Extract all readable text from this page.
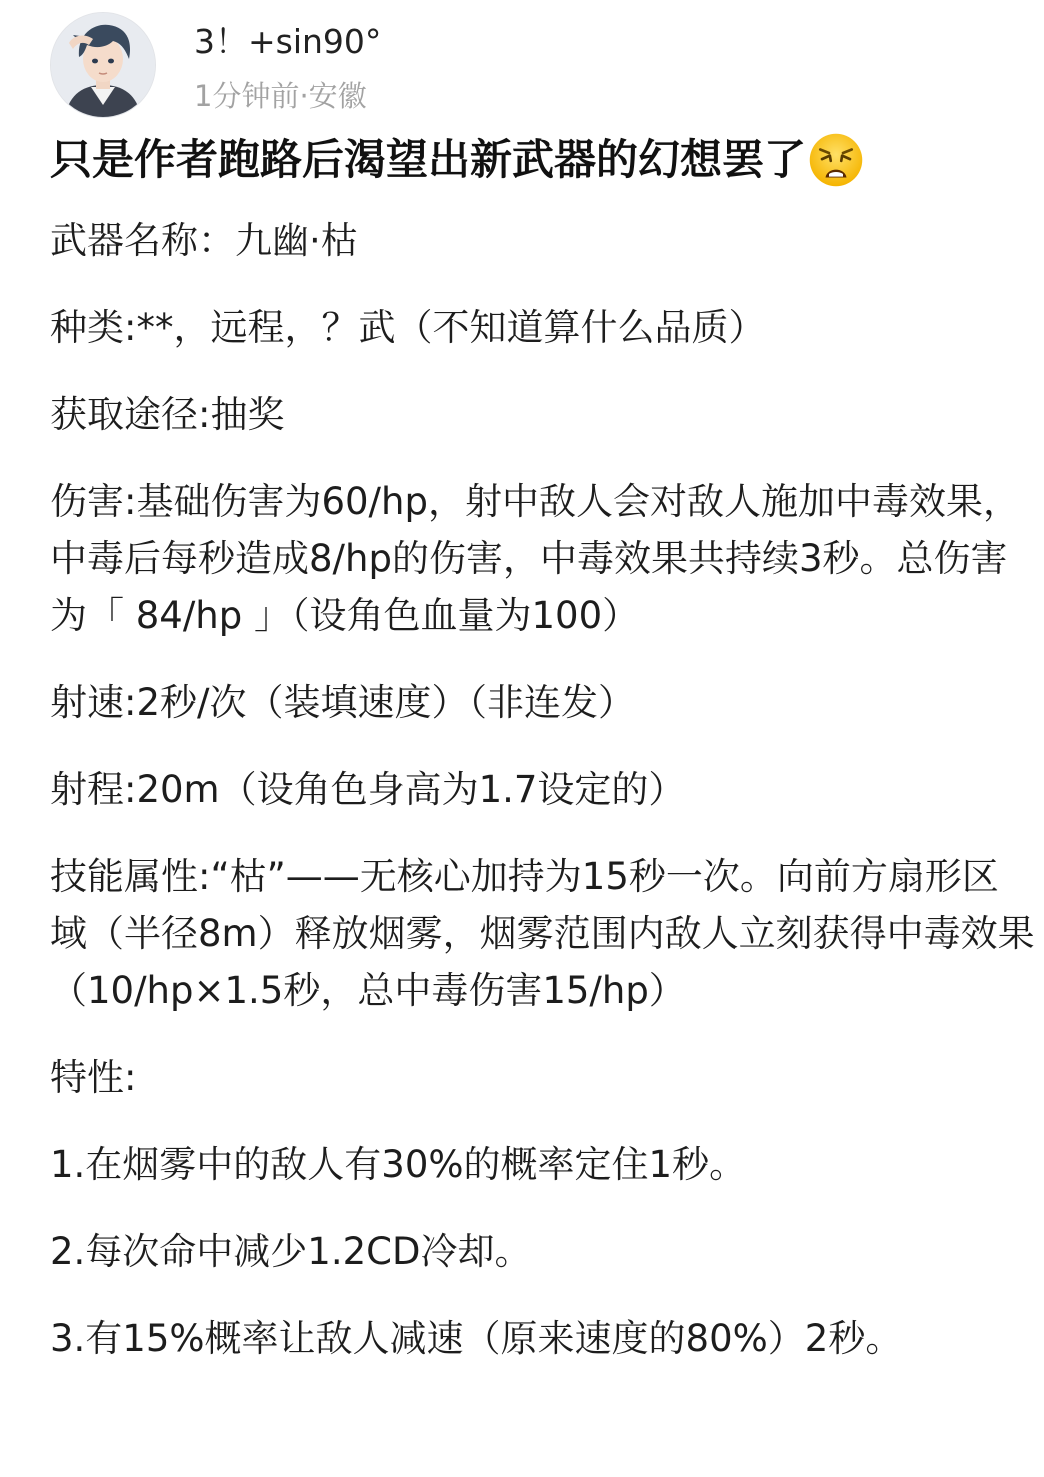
3！+sin90°
1分钟前·安徽
只是作者跑路后渴望出新武器的幻想罢了

武器名称：九幽·枯

种类:**，远程，？武（不知道算什么品质）

获取途径:抽奖

伤害:基础伤害为60/hp，射中敌人会对敌人施加中毒效果，中毒后每秒造成8/hp的伤害，中毒效果共持续3秒。总伤害为「 84/hp 」（设角色血量为100）

射速:2秒/次（装填速度）（非连发）

射程:20m（设角色身高为1.7设定的）

技能属性:“枯”——无核心加持为15秒一次。向前方扇形区域（半径8m）释放烟雾，烟雾范围内敌人立刻获得中毒效果（10/hp×1.5秒，总中毒伤害15/hp）

特性:

1.在烟雾中的敌人有30%的概率定住1秒。

2.每次命中减少1.2CD冷却。

3.有15%概率让敌人减速（原来速度的80%）2秒。
